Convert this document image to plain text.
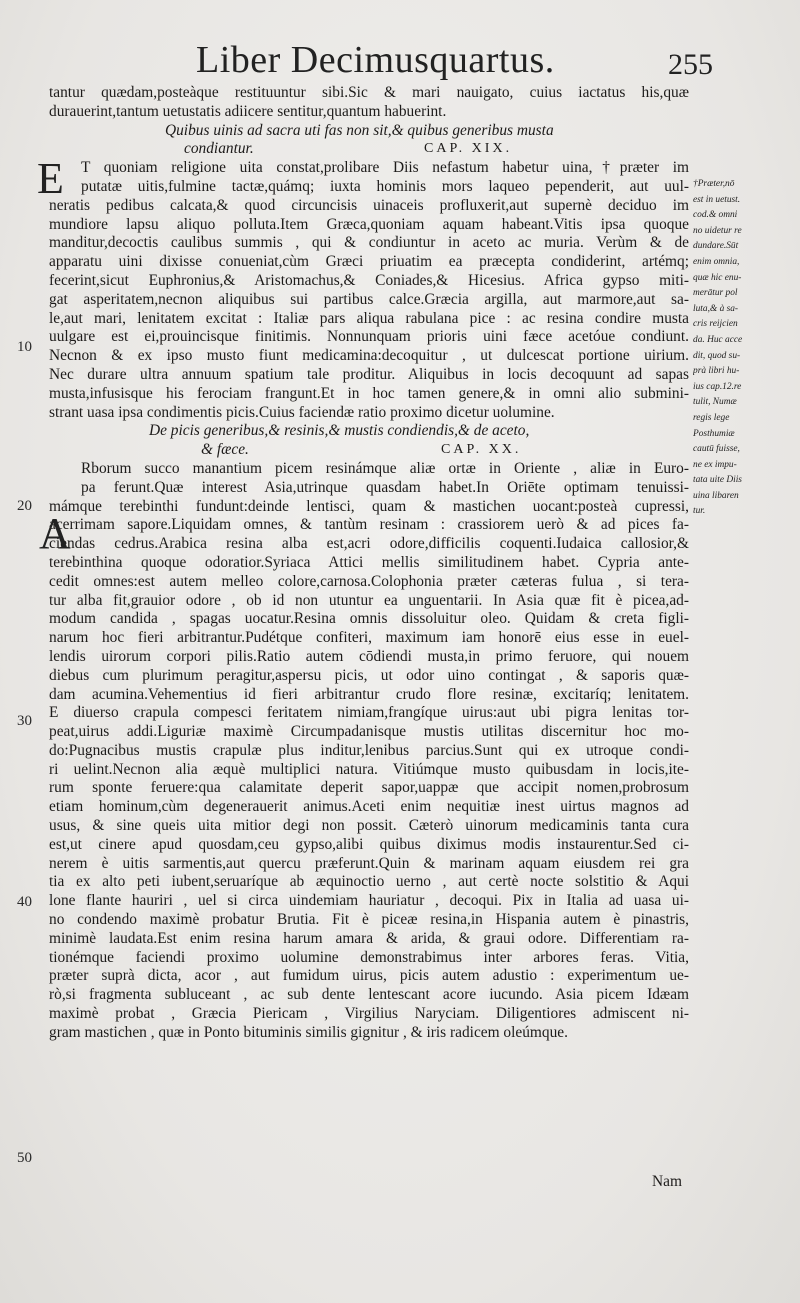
Liber Decimusquartus.	255
10
20
30
40
50
tantur quædam,posteàque restituuntur sibi.Sic & mari nauigato, cuius iactatus his,quæ
durauerint,tantum uetustatis adiicere sentitur,quantum habuerint.
Quibus uinis ad sacra uti fas non sit,& quibus generibus musta
condiantur.	CAP. XIX.
E	T quoniam religione uita constat,prolibare Diis nefastum habetur uina,†præter im
putatæ uitis,fulmine tactæ,quámq; iuxta hominis mors laqueo pependerit, aut uul-
neratis pedibus calcata,& quod circuncisis uinaceis profluxerit,aut supernè deciduo im
mundiore lapsu aliquo polluta.Item Græca,quoniam aquam habeant.Vitis ipsa quoque
manditur,decoctis caulibus summis , qui & condiuntur in aceto ac muria. Verùm & de
apparatu uini dixisse conueniat,cùm Græci priuatim ea præcepta condiderint, artémq;
fecerint,sicut Euphronius,& Aristomachus,& Coniades,& Hicesius. Africa gypso miti-
gat asperitatem,necnon aliquibus sui partibus calce.Græcia argilla, aut marmore,aut sa-
le,aut mari, lenitatem excitat : Italiæ pars aliqua rabulana pice : ac resina condire musta
uulgare est ei,prouincisque finitimis. Nonnunquam prioris uini fæce acetóue condiunt.
Necnon & ex ipso musto fiunt medicamina:decoquitur , ut dulcescat portione uirium.
Nec durare ultra annuum spatium tale proditur. Aliquibus in locis decoquunt ad sapas
musta,infusisque his ferociam frangunt.Et in hoc tamen genere,& in omni alio submini-
strant uasa ipsa condimentis picis.Cuius faciendæ ratio proximo dicetur uolumine.
De picis generibus,& resinis,& mustis condiendis,& de aceto,
& fæce.	CAP. XX.
A
Rborum succo manantium picem resinámque aliæ ortæ in Oriente , aliæ in Euro-
pa ferunt.Quæ interest Asia,utrinque quasdam habet.In Oriēte optimam tenuissi-
mámque terebinthi fundunt:deinde lentisci, quam & mastichen uocant:posteà cupressi,
acerrimam sapore.Liquidam omnes, & tantùm resinam : crassiorem uerò & ad pices fa-
ciendas cedrus.Arabica resina alba est,acri odore,difficilis coquenti.Iudaica callosior,&
terebinthina quoque odoratior.Syriaca Attici mellis similitudinem habet. Cypria ante-
cedit omnes:est autem melleo colore,carnosa.Colophonia præter cæteras fulua , si tera-
tur alba fit,grauior odore , ob id non utuntur ea unguentarii. In Asia quæ fit è picea,ad-
modum candida , spagas uocatur.Resina omnis dissoluitur oleo. Quidam & creta figli-
narum hoc fieri arbitrantur.Pudétque confiteri, maximum iam honorē eius esse in euel-
lendis uirorum corpori pilis.Ratio autem cōdiendi musta,in primo feruore, qui nouem
diebus cum plurimum peragitur,aspersu picis, ut odor uino contingat , & saporis quæ-
dam acumina.Vehementius id fieri arbitrantur crudo flore resinæ, excitaríq; lenitatem.
E diuerso crapula compesci feritatem nimiam,frangíque uirus:aut ubi pigra lenitas tor-
peat,uirus addi.Liguriæ maximè Circumpadanisque mustis utilitas discernitur hoc mo-
do:Pugnacibus mustis crapulæ plus inditur,lenibus parcius.Sunt qui ex utroque condi-
ri uelint.Necnon alia æquè multiplici natura. Vitiúmque musto quibusdam in locis,ite-
rum sponte feruere:qua calamitate deperit sapor,uappæ que accipit nomen,probrosum
etiam hominum,cùm degenerauerit animus.Aceti enim nequitiæ inest uirtus magnos ad
usus, & sine queis uita mitior degi non possit. Cæterò uinorum medicaminis tanta cura
est,ut cinere apud quosdam,ceu gypso,alibi quibus diximus modis instaurentur.Sed ci-
nerem è uitis sarmentis,aut quercu præferunt.Quin & marinam aquam eiusdem rei gra
tia ex alto peti iubent,seruaríque ab æquinoctio uerno , aut certè nocte solstitio & Aqui
lone flante hauriri , uel si circa uindemiam hauriatur , decoqui. Pix in Italia ad uasa ui-
no condendo maximè probatur Brutia. Fit è piceæ resina,in Hispania autem è pinastris,
minimè laudata.Est enim resina harum amara & arida, & graui odore. Differentiam ra-
tionémque faciendi proximo uolumine demonstrabimus inter arbores feras. Vitia,
præter suprà dicta, acor , aut fumidum uirus, picis autem adustio : experimentum ue-
rò,si fragmenta subluceant , ac sub dente lentescant acore iucundo. Asia picem Idæam
maximè probat , Græcia Piericam , Virgilius Naryciam. Diligentiores admiscent ni-
gram mastichen , quæ in Ponto bituminis similis gignitur , & iris radicem oleúmque.
†Præter,nō
est in uetust.
cod.& omni
no uidetur re
dundare.Sūt
enim omnia,
quæ hic enu-
merātur pol
luta,& à sa-
cris reijcien
da. Huc acce
dit, quod su-
prà libri hu-
ius cap.12.re
tulit, Numæ
regis lege
Posthumiæ
cautū fuisse,
ne ex impu-
tata uite Diis
uina libaren
tur.
Nam
